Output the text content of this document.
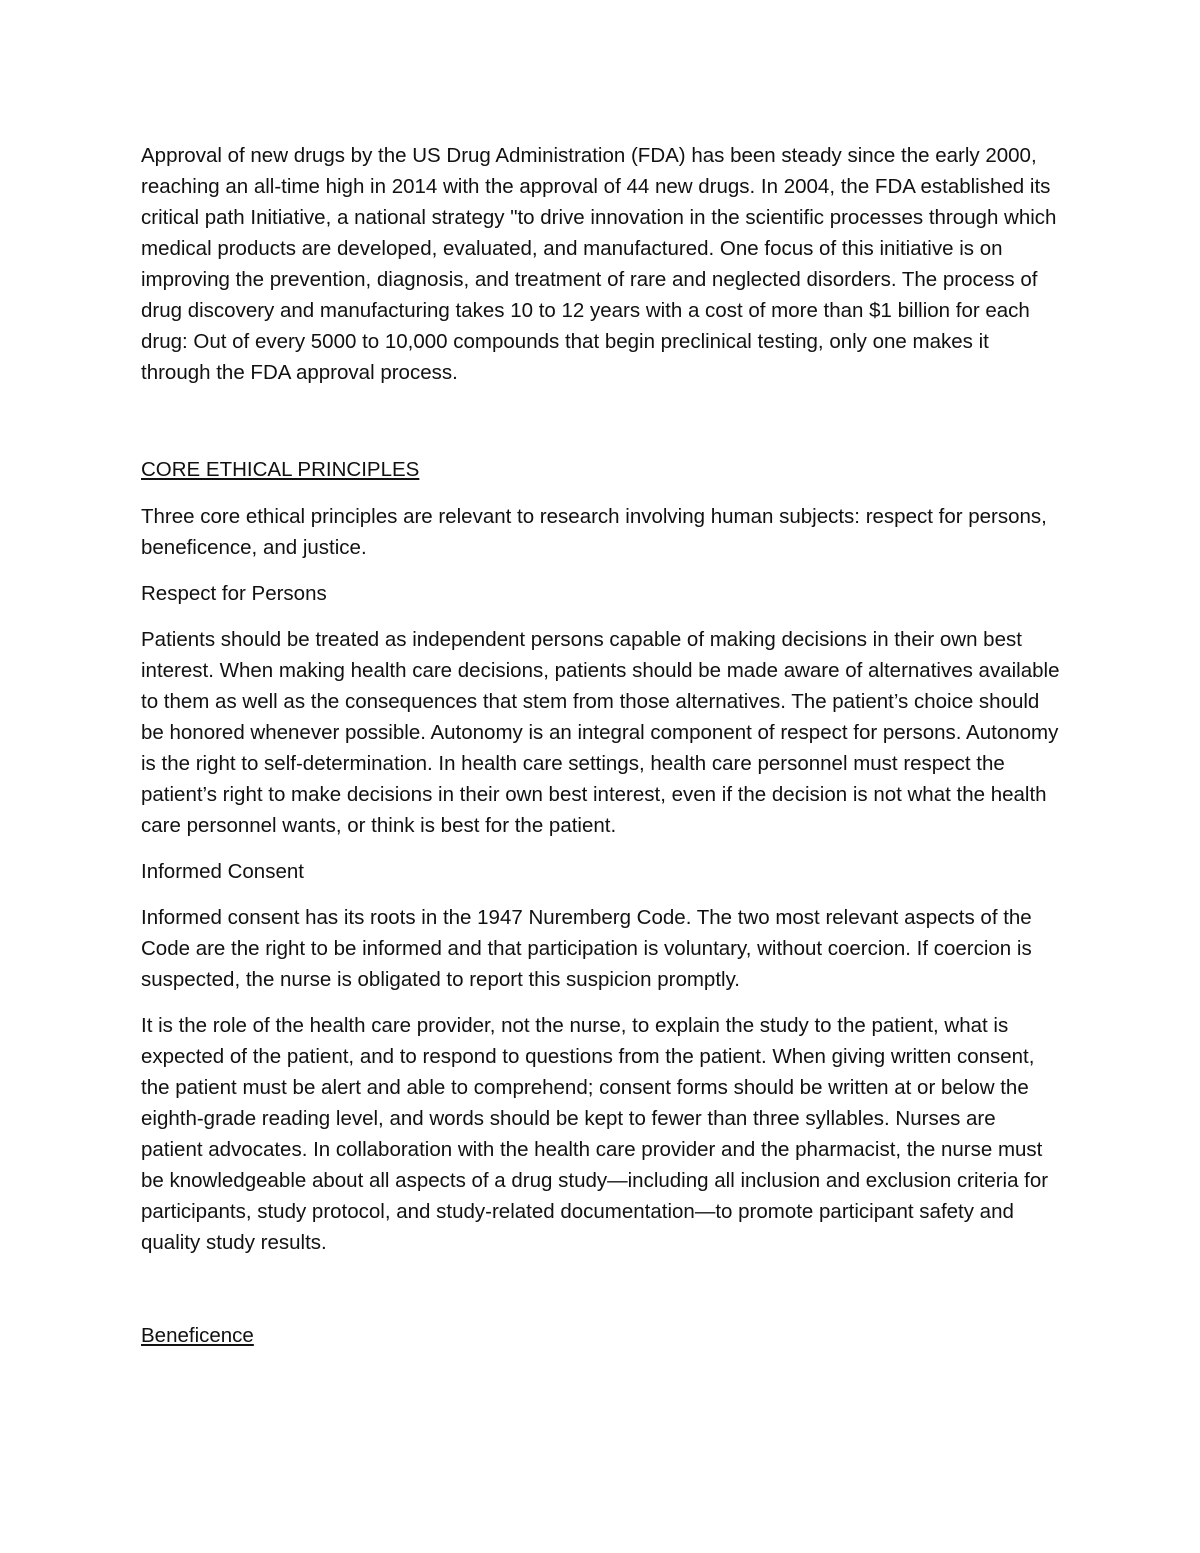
Approval of new drugs by the US Drug Administration (FDA) has been steady since the early 2000, reaching an all-time high in 2014 with the approval of 44 new drugs. In 2004, the FDA established its critical path Initiative, a national strategy "to drive innovation in the scientific processes through which medical products are developed, evaluated, and manufactured. One focus of this initiative is on improving the prevention, diagnosis, and treatment of rare and neglected disorders. The process of drug discovery and manufacturing takes 10 to 12 years with a cost of more than $1 billion for each drug: Out of every 5000 to 10,000 compounds that begin preclinical testing, only one makes it through the FDA approval process.

CORE ETHICAL PRINCIPLES

Three core ethical principles are relevant to research involving human subjects: respect for persons, beneficence, and justice.

Respect for Persons

Patients should be treated as independent persons capable of making decisions in their own best interest. When making health care decisions, patients should be made aware of alternatives available to them as well as the consequences that stem from those alternatives. The patient’s choice should be honored whenever possible. Autonomy is an integral component of respect for persons. Autonomy is the right to self-determination. In health care settings, health care personnel must respect the patient’s right to make decisions in their own best interest, even if the decision is not what the health care personnel wants, or think is best for the patient.

Informed Consent

Informed consent has its roots in the 1947 Nuremberg Code. The two most relevant aspects of the Code are the right to be informed and that participation is voluntary, without coercion. If coercion is suspected, the nurse is obligated to report this suspicion promptly.

It is the role of the health care provider, not the nurse, to explain the study to the patient, what is expected of the patient, and to respond to questions from the patient. When giving written consent, the patient must be alert and able to comprehend; consent forms should be written at or below the eighth-grade reading level, and words should be kept to fewer than three syllables. Nurses are patient advocates. In collaboration with the health care provider and the pharmacist, the nurse must be knowledgeable about all aspects of a drug study—including all inclusion and exclusion criteria for participants, study protocol, and study-related documentation—to promote participant safety and quality study results.

Beneficence
